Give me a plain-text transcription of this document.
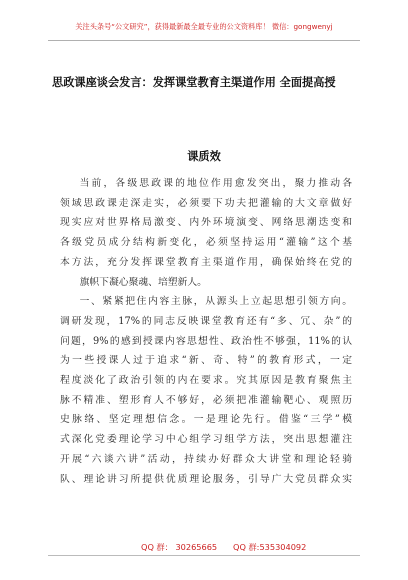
关注头条号“公文研究”，获得最新最全最专业的公文资料库！ 微信：gongwenyj
思政课座谈会发言：发挥课堂教育主渠道作用 全面提高授
课质效
当前，各级思政课的地位作用愈发突出，聚力推动各
领域思政课走深走实，必须要下功夫把灌输的大文章做好
现实应对世界格局激变、内外环境演变、网络思潮迭变和
各级党员成分结构新变化，必须坚持运用“灌输”这个基
本方法，充分发挥课堂教育主渠道作用，确保始终在党的
旗帜下凝心聚魂、培塑新人。
一、紧紧把住内容主脉，从源头上立起思想引领方向。
调研发现，17%的同志反映课堂教育还有“多、冗、杂”的
问题，9%的感到授课内容思想性、政治性不够强，11%的认
为一些授课人过于追求“新、奇、特”的教育形式，一定
程度淡化了政治引领的内在要求。究其原因是教育聚焦主
脉不精准、塑形育人不够好，必须把准灌输靶心、观照历
史脉络、坚定理想信念。一是理论先行。借鉴“三学”模
式深化党委理论学习中心组学习组学方法，突出思想灌注
开展“六谈六讲”活动，持续办好群众大讲堂和理论轻骑
队、理论讲习所提供优质理论服务，引导广大党员群众实
QQ 群： 30265665 QQ 群:535304092
